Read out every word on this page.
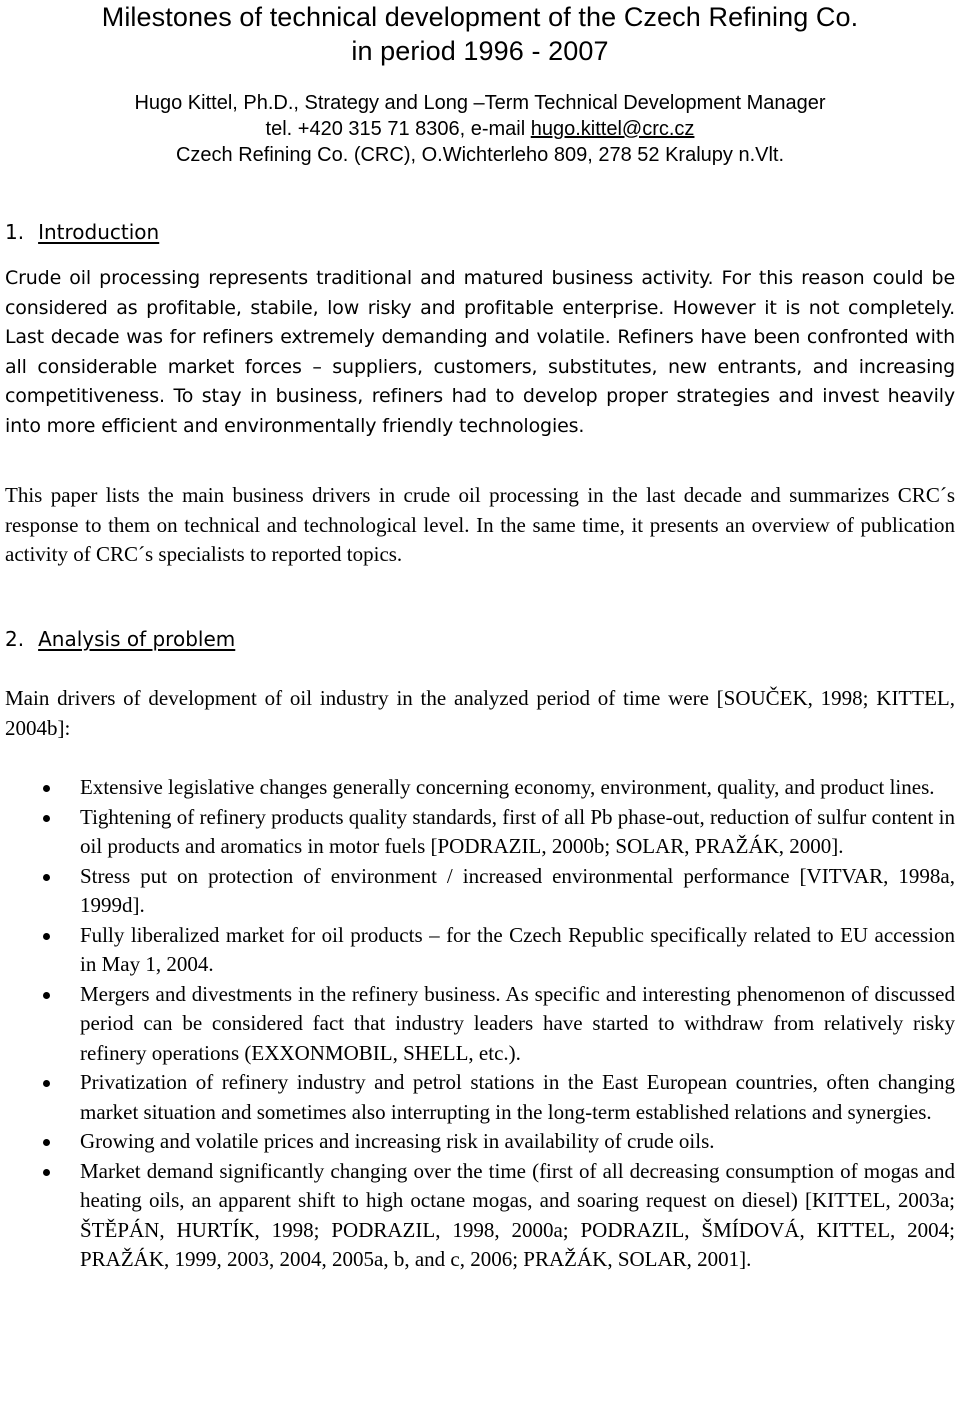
Milestones of technical development of the Czech Refining Co.
in period 1996 - 2007
Hugo Kittel, Ph.D., Strategy and Long –Term Technical Development Manager
tel. +420 315 71 8306, e-mail hugo.kittel@crc.cz
Czech Refining Co. (CRC), O.Wichterleho 809, 278 52 Kralupy n.Vlt.
1. Introduction

Crude oil processing represents traditional and matured business activity. For this reason could be considered as profitable, stabile, low risky and profitable enterprise. However it is not completely. Last decade was for refiners extremely demanding and volatile. Refiners have been confronted with all considerable market forces – suppliers, customers, substitutes, new entrants, and increasing competitiveness. To stay in business, refiners had to develop proper strategies and invest heavily into more efficient and environmentally friendly technologies.

This paper lists the main business drivers in crude oil processing in the last decade and summarizes CRC´s response to them on technical and technological level. In the same time, it presents an overview of publication activity of CRC´s specialists to reported topics.

2. Analysis of problem

Main drivers of development of oil industry in the analyzed period of time were [SOUČEK, 1998; KITTEL, 2004b]:

Extensive legislative changes generally concerning economy, environment, quality, and product lines.
Tightening of refinery products quality standards, first of all Pb phase-out, reduction of sulfur content in oil products and aromatics in motor fuels [PODRAZIL, 2000b; SOLAR, PRAŽÁK, 2000].
Stress put on protection of environment / increased environmental performance [VITVAR, 1998a, 1999d].
Fully liberalized market for oil products – for the Czech Republic specifically related to EU accession in May 1, 2004.
Mergers and divestments in the refinery business. As specific and interesting phenomenon of discussed period can be considered fact that industry leaders have started to withdraw from relatively risky refinery operations (EXXONMOBIL, SHELL, etc.).
Privatization of refinery industry and petrol stations in the East European countries, often changing market situation and sometimes also interrupting in the long-term established relations and synergies.
Growing and volatile prices and increasing risk in availability of crude oils.
Market demand significantly changing over the time (first of all decreasing consumption of mogas and heating oils, an apparent shift to high octane mogas, and soaring request on diesel) [KITTEL, 2003a; ŠTĚPÁN, HURTÍK, 1998; PODRAZIL, 1998, 2000a; PODRAZIL, ŠMÍDOVÁ, KITTEL, 2004; PRAŽÁK, 1999, 2003, 2004, 2005a, b, and c, 2006; PRAŽÁK, SOLAR, 2001].
